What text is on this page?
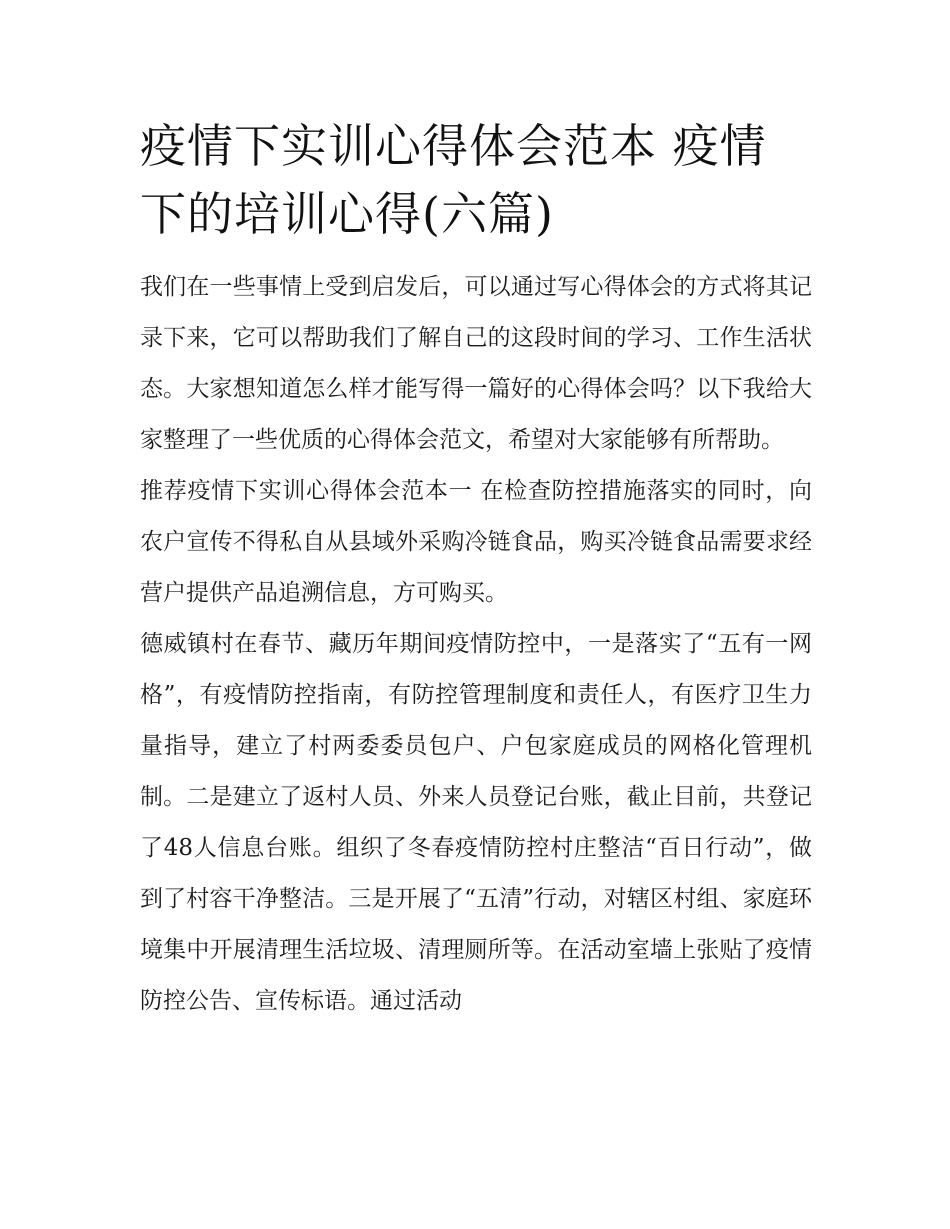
疫情下实训心得体会范本 疫情下的培训心得(六篇)

我们在一些事情上受到启发后，可以通过写心得体会的方式将其记录下来，它可以帮助我们了解自己的这段时间的学习、工作生活状态。大家想知道怎么样才能写得一篇好的心得体会吗？以下我给大家整理了一些优质的心得体会范文，希望对大家能够有所帮助。

推荐疫情下实训心得体会范本一 在检查防控措施落实的同时，向农户宣传不得私自从县域外采购冷链食品，购买冷链食品需要求经营户提供产品追溯信息，方可购买。

德威镇村在春节、藏历年期间疫情防控中，一是落实了“五有一网格”，有疫情防控指南，有防控管理制度和责任人，有医疗卫生力量指导，建立了村两委委员包户、户包家庭成员的网格化管理机制。二是建立了返村人员、外来人员登记台账，截止目前，共登记了48人信息台账。组织了冬春疫情防控村庄整洁“百日行动”，做到了村容干净整洁。三是开展了“五清”行动，对辖区村组、家庭环境集中开展清理生活垃圾、清理厕所等。在活动室墙上张贴了疫情防控公告、宣传标语。通过活动
